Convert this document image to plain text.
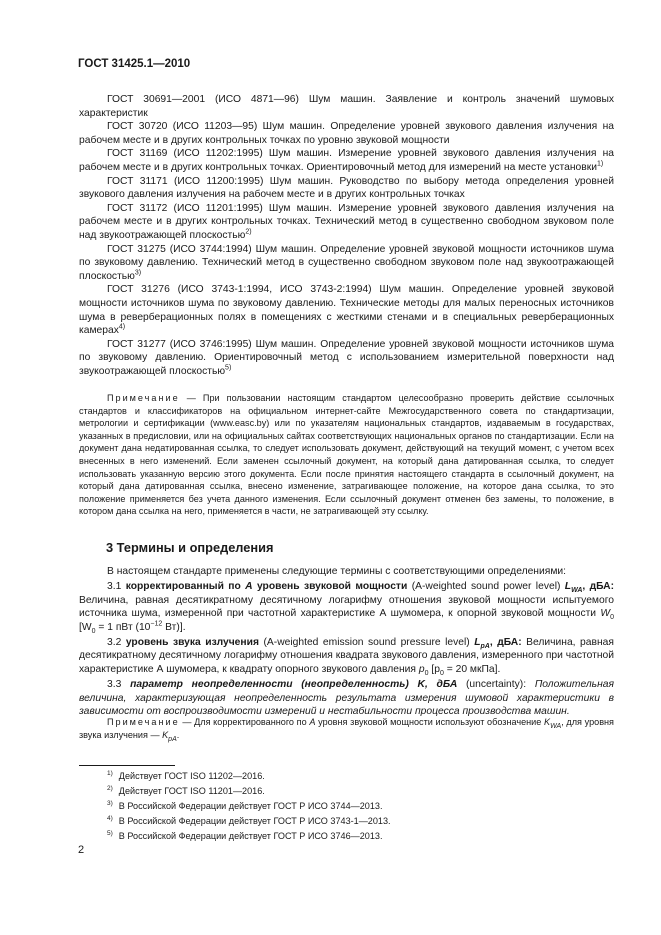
ГОСТ 31425.1—2010

ГОСТ 30691—2001 (ИСО 4871—96) Шум машин. Заявление и контроль значений шумовых характеристик

ГОСТ 30720 (ИСО 11203—95) Шум машин. Определение уровней звукового давления излучения на рабочем месте и в других контрольных точках по уровню звуковой мощности

ГОСТ 31169 (ИСО 11202:1995) Шум машин. Измерение уровней звукового давления излучения на рабочем месте и в других контрольных точках. Ориентировочный метод для измерений на месте установки$^{1)}$

ГОСТ 31171 (ИСО 11200:1995) Шум машин. Руководство по выбору метода определения уровней звукового давления излучения на рабочем месте и в других контрольных точках

ГОСТ 31172 (ИСО 11201:1995) Шум машин. Измерение уровней звукового давления излучения на рабочем месте и в других контрольных точках. Технический метод в существенно свободном звуковом поле над звукоотражающей плоскостью$^{2)}$

ГОСТ 31275 (ИСО 3744:1994) Шум машин. Определение уровней звуковой мощности источников шума по звуковому давлению. Технический метод в существенно свободном звуковом поле над звукоотражающей плоскостью$^{3)}$

ГОСТ 31276 (ИСО 3743-1:1994, ИСО 3743-2:1994) Шум машин. Определение уровней звуковой мощности источников шума по звуковому давлению. Технические методы для малых переносных источников шума в реверберационных полях в помещениях с жесткими стенами и в специальных реверберационных камерах$^{4)}$

ГОСТ 31277 (ИСО 3746:1995) Шум машин. Определение уровней звуковой мощности источников шума по звуковому давлению. Ориентировочный метод с использованием измерительной поверхности над звукоотражающей плоскостью$^{5)}$

Примечание — При пользовании настоящим стандартом целесообразно проверить действие ссылочных стандартов и классификаторов на официальном интернет-сайте Межгосударственного совета по стандартизации, метрологии и сертификации (www.easc.by) или по указателям национальных стандартов, издаваемым в государствах, указанных в предисловии, или на официальных сайтах соответствующих национальных органов по стандартизации. Если на документ дана недатированная ссылка, то следует использовать документ, действующий на текущий момент, с учетом всех внесенных в него изменений. Если заменен ссылочный документ, на который дана датированная ссылка, то следует использовать указанную версию этого документа. Если после принятия настоящего стандарта в ссылочный документ, на который дана датированная ссылка, внесено изменение, затрагивающее положение, на которое дана ссылка, то это положение применяется без учета данного изменения. Если ссылочный документ отменен без замены, то положение, в котором дана ссылка на него, применяется в части, не затрагивающей эту ссылку.

3 Термины и определения

В настоящем стандарте применены следующие термины с соответствующими определениями:

3.1 корректированный по А уровень звуковой мощности (A-weighted sound power level) $L_{WA}$, дБА: Величина, равная десятикратному десятичному логарифму отношения звуковой мощности испытуемого источника шума, измеренной при частотной характеристике А шумомера, к опорной звуковой мощности $W_0$ [$W_0 = 1$ пВт ($10^{-12}$ Вт)].

3.2 уровень звука излучения (A-weighted emission sound pressure level) $L_{pA}$, дБА: Величина, равная десятикратному десятичному логарифму отношения квадрата звукового давления, измеренного при частотной характеристике А шумомера, к квадрату опорного звукового давления $p_0$ [$p_0 = 20$ мкПа].

3.3 параметр неопределенности (неопределенность) K, дБА (uncertainty): Положительная величина, характеризующая неопределенность результата измерения шумовой характеристики в зависимости от воспроизводимости измерений и нестабильности процесса производства машин.

Примечание — Для корректированного по А уровня звуковой мощности используют обозначение $K_{WA}$, для уровня звука излучения — $K_{pA}$.

$^{1)}$ Действует ГОСТ ISO 11202—2016.

$^{2)}$ Действует ГОСТ ISO 11201—2016.

$^{3)}$ В Российской Федерации действует ГОСТ Р ИСО 3744—2013.

$^{4)}$ В Российской Федерации действует ГОСТ Р ИСО 3743-1—2013.

$^{5)}$ В Российской Федерации действует ГОСТ Р ИСО 3746—2013.

2
